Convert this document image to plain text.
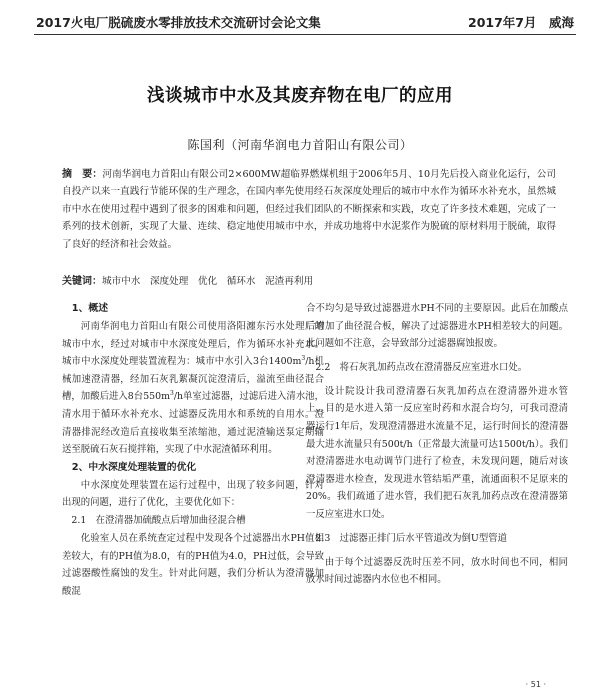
2017火电厂脱硫废水零排放技术交流研讨会论文集	2017年7月　威海
浅谈城市中水及其废弃物在电厂的应用
陈国利（河南华润电力首阳山有限公司）
摘　要：河南华润电力首阳山有限公司2×600MW超临界燃煤机组于2006年5月、10月先后投入商业化运行，公司自投产以来一直践行节能环保的生产理念，在国内率先使用经石灰深度处理后的城市中水作为循环水补充水，虽然城市中水在使用过程中遇到了很多的困难和问题，但经过我们团队的不断探索和实践，攻克了许多技术难题，完成了一系列的技术创新，实现了大量、连续、稳定地使用城市中水，并成功地将中水泥浆作为脱硫的原材料用于脱硫，取得了良好的经济和社会效益。
关键词：城市中水　深度处理　优化　循环水　泥渣再利用
1、概述

河南华润电力首阳山有限公司使用洛阳瀍东污水处理厂的城市中水，经过对城市中水深度处理后，作为循环水补充水。城市中水深度处理装置流程为：城市中水引入3台$1400m^3/h$机械加速澄清器，经加石灰乳絮凝沉淀澄清后，溢流至曲径混合槽，加酸后进入8台$550m^3/h$单室过滤器，过滤后进入清水池，清水用于循环水补充水、过滤器反洗用水和系统的自用水。澄清器排泥经改造后直接收集至浓缩池，通过泥渣输送泵定期输送至脱硫石灰石搅拌箱，实现了中水泥渣循环利用。

2、中水深度处理装置的优化

中水深度处理装置在运行过程中，出现了较多问题，针对出现的问题，进行了优化，主要优化如下：

2.1　在澄清器加硫酸点后增加曲径混合槽

化验室人员在系统查定过程中发现各个过滤器出水PH值相差较大，有的PH值为8.0，有的PH值为4.0，PH过低，会导致过滤器酸性腐蚀的发生。针对此问题，我们分析认为澄清器加酸混

合不均匀是导致过滤器进水PH不同的主要原因。此后在加酸点后增加了曲径混合板，解决了过滤器进水PH相差较大的问题。此问题如不注意，会导致部分过滤器腐蚀报废。

2.2　将石灰乳加药点改在澄清器反应室进水口处。

设计院设计我司澄清器石灰乳加药点在澄清器外进水管上，目的是水进入第一反应室时药和水混合均匀，可我司澄清器运行1年后，发现澄清器进水流量不足，运行时间长的澄清器最大进水流量只有500t/h（正常最大流量可达1500t/h）。我们对澄清器进水电动调节门进行了检查，未发现问题，随后对该澄清器进水检查，发现进水管结垢严重，流通面积不足原来的20%。我们疏通了进水管，我们把石灰乳加药点改在澄清器第一反应室进水口处。

2.3　过滤器正排门后水平管道改为倒U型管道

由于每个过滤器反洗时压差不同，放水时间也不同，相同放水时间过滤器内水位也不相同。

· 51 ·
